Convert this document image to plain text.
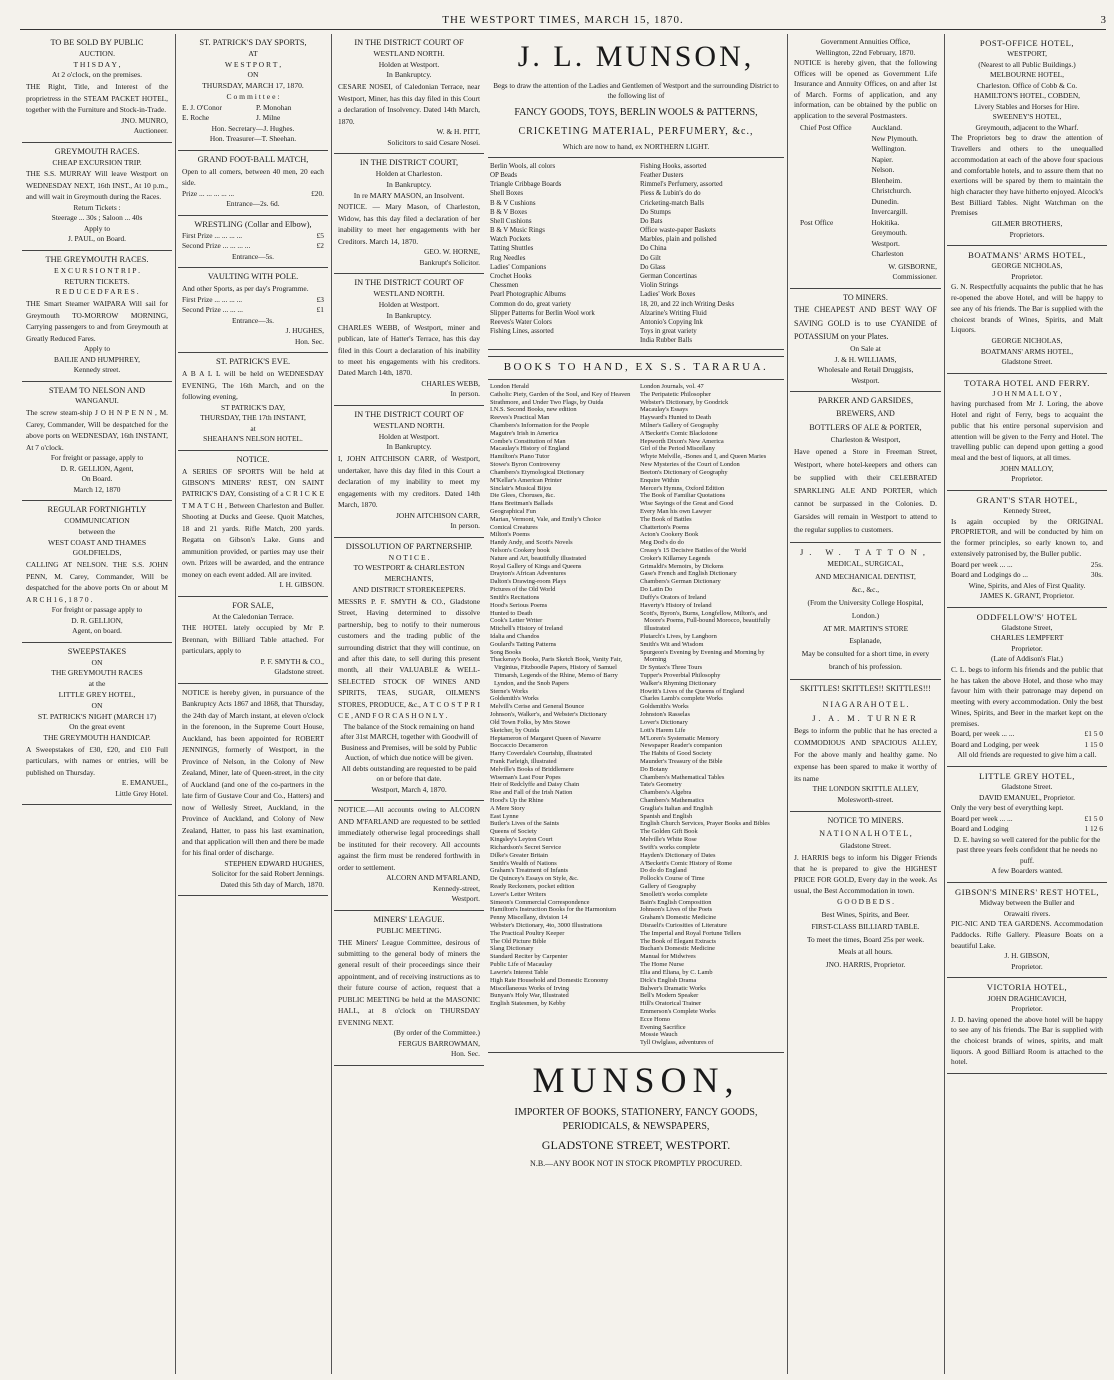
THE WESTPORT TIMES, MARCH 15, 1870.	3
TO BE SOLD BY PUBLIC
AUCTION.
T H I S D A Y ,
At 2 o'clock, on the premises.
THE Right, Title, and Interest of the proprietress in the STEAM PACKET HOTEL, together with the Furniture and Stock-in-Trade.
JNO. MUNRO,
Auctioneer.
GREYMOUTH RACES.
CHEAP EXCURSION TRIP.
THE S.S. MURRAY Will leave Westport on WEDNESDAY NEXT, 16th INST., At 10 p.m., and will wait in Greymouth during the Races.
Return Tickets :
Steerage ... 30s ; Saloon ... 40s
Apply to
J. PAUL, on Board.
THE GREYMOUTH RACES.
E X C U R S I O N T R I P .
RETURN TICKETS.
R E D U C E D F A R E S .
THE Smart Steamer WAIPARA Will sail for Greymouth TO-MORROW MORNING, Carrying passengers to and from Greymouth at Greatly Reduced Fares.
Apply to
BAILIE AND HUMPHREY,
Kennedy street.
STEAM TO NELSON AND
WANGANUI.
The screw steam-ship J O H N P E N N , M. Carey, Commander, Will be despatched for the above ports on WEDNESDAY, 16th INSTANT, At 7 o'clock.
For freight or passage, apply to
D. R. GELLION, Agent,
On Board.
March 12, 1870
REGULAR FORTNIGHTLY
COMMUNICATION
between the
WEST COAST AND THAMES
GOLDFIELDS,
CALLING AT NELSON. THE S.S. JOHN PENN, M. Carey, Commander, Will be despatched for the above ports On or about M A R C H 1 6 , 1 8 7 0 .
For freight or passage apply to
D. R. GELLION,
Agent, on board.
SWEEPSTAKES
ON
THE GREYMOUTH RACES
at the
LITTLE GREY HOTEL,
ON
ST. PATRICK'S NIGHT (MARCH 17)
On the great event
THE GREYMOUTH HANDICAP.
A Sweepstakes of £30, £20, and £10 Full particulars, with names or entries, will be published on Thursday.
E. EMANUEL,
Little Grey Hotel.
ST. PATRICK'S DAY SPORTS,
AT
W E S T P O R T ,
ON
THURSDAY, MARCH 17, 1870.
C o m m i t t e e :
E. J. O'Conor	P. Monohan
E. Roche	J. Milne
Hon. Secretary—J. Hughes.
Hon. Treasurer—T. Sheehan.
GRAND FOOT-BALL MATCH,
Open to all comers, between 40 men, 20 each side.
Prize ... ... ... ... ...	£20.
Entrance—2s. 6d.
WRESTLING (Collar and Elbow),
First Prize ... ... ... ...	£5
Second Prize ... ... ... ...	£2
Entrance—5s.
VAULTING WITH POLE.
And other Sports, as per day's Programme.
First Prize ... ... ... ...	£3
Second Prize ... ... ...	£1
Entrance—3s.
J. HUGHES,
Hon. Sec.
ST. PATRICK'S EVE.
A B A L L will be held on WEDNESDAY EVENING, The 16th March, and on the following evening,
ST PATRICK'S DAY,
THURSDAY, THE 17th INSTANT,
at
SHEAHAN'S NELSON HOTEL.
NOTICE.
A SERIES OF SPORTS Will be held at GIBSON'S MINERS' REST, ON SAINT PATRICK'S DAY, Consisting of a C R I C K E T M A T C H , Between Charleston and Buller. Shooting at Ducks and Geese. Quoit Matches, 18 and 21 yards. Rifle Match, 200 yards. Regatta on Gibson's Lake. Guns and ammunition provided, or parties may use their own. Prizes will be awarded, and the entrance money on each event added. All are invited.
I. H. GIBSON.
FOR SALE,
At the Caledonian Terrace.
THE HOTEL lately occupied by Mr P. Brennan, with Billiard Table attached. For particulars, apply to
P. F. SMYTH & CO.,
Gladstone street.
NOTICE is hereby given, in pursuance of the Bankruptcy Acts 1867 and 1868, that Thursday, the 24th day of March instant, at eleven o'clock in the forenoon, in the Supreme Court House, Auckland, has been appointed for ROBERT JENNINGS, formerly of Westport, in the Province of Nelson, in the Colony of New Zealand, Miner, late of Queen-street, in the city of Auckland (and one of the co-partners in the late firm of Gustave Cour and Co., Hatters) and now of Wellesly Street, Auckland, in the Province of Auckland, and Colony of New Zealand, Hatter, to pass his last examination, and that application will then and there be made for his final order of discharge.
STEPHEN EDWARD HUGHES,
Solicitor for the said Robert Jennings.
Dated this 5th day of March, 1870.
IN THE DISTRICT COURT OF
WESTLAND NORTH.
Holden at Westport.
In Bankruptcy.
CESARE NOSEI, of Caledonian Terrace, near Westport, Miner, has this day filed in this Court a declaration of Insolvency. Dated 14th March, 1870.
W. & H. PITT,
Solicitors to said Cesare Nosei.
IN THE DISTRICT COURT,
Holden at Charleston.
In Bankruptcy.
In re MARY MASON, an Insolvent.
NOTICE. — Mary Mason, of Charleston, Widow, has this day filed a declaration of her inability to meet her engagements with her Creditors. March 14, 1870.
GEO. W. HORNE,
Bankrupt's Solicitor.
IN THE DISTRICT COURT OF
WESTLAND NORTH.
Holden at Westport.
In Bankruptcy.
CHARLES WEBB, of Westport, miner and publican, late of Hatter's Terrace, has this day filed in this Court a declaration of his inability to meet his engagements with his creditors. Dated March 14th, 1870.
CHARLES WEBB,
In person.
IN THE DISTRICT COURT OF
WESTLAND NORTH.
Holden at Westport.
In Bankruptcy.
I, JOHN AITCHISON CARR, of Westport, undertaker, have this day filed in this Court a declaration of my inability to meet my engagements with my creditors. Dated 14th March, 1870.
JOHN AITCHISON CARR,
In person.
DISSOLUTION OF PARTNERSHIP.
N O T I C E .
TO WESTPORT & CHARLESTON
MERCHANTS,
AND DISTRICT STOREKEEPERS.
MESSRS P. F. SMYTH & CO., Gladstone Street, Having determined to dissolve partnership, beg to notify to their numerous customers and the trading public of the surrounding district that they will continue, on and after this date, to sell during this present month, all their VALUABLE & WELL-SELECTED STOCK OF WINES AND SPIRITS, TEAS, SUGAR, OILMEN'S STORES, PRODUCE, &c., A T C O S T P R I C E , AND F O R C A S H O N L Y .
The balance of the Stock remaining on hand after 31st MARCH, together with Goodwill of Business and Premises, will be sold by Public Auction, of which due notice will be given.
All debts outstanding are requested to be paid on or before that date.
Westport, March 4, 1870.
NOTICE.—All accounts owing to ALCORN AND M'FARLAND are requested to be settled immediately otherwise legal proceedings shall be instituted for their recovery. All accounts against the firm must be rendered forthwith in order to settlement.
ALCORN AND M'FARLAND,
Kennedy-street,
Westport.
MINERS' LEAGUE.
PUBLIC MEETING.
THE Miners' League Committee, desirous of submitting to the general body of miners the general result of their proceedings since their appointment, and of receiving instructions as to their future course of action, request that a PUBLIC MEETING be held at the MASONIC HALL, at 8 o'clock on THURSDAY EVENING NEXT.
(By order of the Committee.)
FERGUS BARROWMAN,
Hon. Sec.
J. L. MUNSON,
Begs to draw the attention of the Ladies and Gentlemen of Westport and the surrounding District to the following list of
FANCY GOODS, TOYS, BERLIN WOOLS & PATTERNS,
CRICKETING MATERIAL, PERFUMERY, &c.,
Which are now to hand, ex NORTHERN LIGHT.
Berlin Wools, all colors
OP Beads
Triangle Cribbage Boards
Shell Boxes
B & V Cushions
B & V Boxes
Shell Cushions
B & V Music Rings
Watch Pockets
Tatting Shuttles
Rug Needles
Ladies' Companions
Crochet Hooks
Chessmen
Pearl Photographic Albums
Common do do, great variety
Slipper Patterns for Berlin Wool work
Reeves's Water Colors
Fishing Lines, assorted
Fishing Hooks, assorted
Feather Dusters
Rimmel's Perfumery, assorted
Piess & Lubin's do do
Cricketing-match Balls
Do Stumps
Do Bats
Office waste-paper Baskets
Marbles, plain and polished
Do China
Do Gilt
Do Glass
German Concertinas
Violin Strings
Ladies' Work Boxes
18, 20, and 22 inch Writing Desks
Alzarine's Writing Fluid
Antonio's Copying Ink
Toys in great variety
India Rubber Balls
BOOKS TO HAND, EX S.S. TARARUA.
London Herald
Catholic Piety, Garden of the Soul, and Key of Heaven
Strathmore, and Under Two Flags, by Ouida
I.N.S. Second Books, new edition
Reeves's Practical Man
Chambers's Information for the People
Maguire's Irish in America
Combe's Constitution of Man
Macaulay's History of England
Hamilton's Piano Tutor
Stowe's Byron Controversy
Chambers's Etymological Dictionary
M'Kellar's American Printer
Sinclair's Musical Bijou
Die Glees, Choruses, &c.
Hans Breitman's Ballads
Geographical Fun
Marian, Vermont, Vale, and Emily's Choice
Comical Creatures
Milton's Poems
Handy Andy, and Scott's Novels
Nelson's Cookery book
Nature and Art, beautifully illustrated
Royal Gallery of Kings and Queens
Drayton's African Adventures
Dalton's Drawing-room Plays
Pictures of the Old World
Smith's Recitations
Hood's Serious Poems
Hunted to Death
Cook's Letter Writer
Mitchell's History of Ireland
Idalia and Chandos
Goulard's Tatting Patterns
Song Books
Thackeray's Books, Paris Sketch Book, Vanity Fair, Virginius, Fitzboodle Papers, History of Samuel Titmarsh, Legends of the Rhine, Memo of Barry Lyndon, and the Snob Papers
Sterne's Works
Goldsmith's Works
Melvill's Cerise and General Bounce
Johnson's, Walker's, and Webster's Dictionary
Old Town Folks, by Mrs Stowe
Sketcher, by Ouida
Heptameron of Margaret Queen of Navarre
Boccaccio Decameron
Harry Coverdale's Courtship, illustrated
Frank Farleigh, illustrated
Melville's Books of Briddlemere
Wiseman's Last Four Popes
Heir of Redclyffe and Daisy Chain
Rise and Fall of the Irish Nation
Hood's Up the Rhine
A Mere Story
East Lynne
Butler's Lives of the Saints
Queens of Society
Kingsley's Leyton Court
Richardson's Secret Service
Dilke's Greater Britain
Smith's Wealth of Nations
Graham's Treatment of Infants
De Quincey's Essays on Style, &c.
Ready Reckoners, pocket edition
Lover's Letter Writers
Simeon's Commercial Correspondence
Hamilton's Instruction Books for the Harmonium
Penny Miscellany, division 14
Webster's Dictionary, 4to, 3000 Illustrations
The Practical Poultry Keeper
The Old Picture Bible
Slang Dictionary
Standard Reciter by Carpenter
Public Life of Macaulay
Lawrie's Interest Table
High Rate Household and Domestic Economy
Miscellaneous Works of Irving
Bunyan's Holy War, Illustrated
English Statesmen, by Kebby
London Journals, vol. 47
The Peripatetic Philosopher
Webster's Dictionary, by Goodrick
Macaulay's Essays
Hayward's Hunted to Death
Milner's Gallery of Geography
A'Beckett's Comic Blackstone
Hepworth Dixon's New America
Girl of the Period Miscellany
Whyte Melville, -Bones and I, and Queen Maries
New Mysteries of the Court of London
Beeton's Dictionary of Geography
Enquire Within
Mercer's Hymns, Oxford Edition
The Book of Familiar Quotations
Wise Sayings of the Great and Good
Every Man his own Lawyer
The Book of Battles
Chatterton's Poems
Acton's Cookery Book
Meg Dod's do do
Creasy's 15 Decisive Battles of the World
Croker's Killarney Legends
Grimaldi's Memoirs, by Dickens
Gase's French and English Dictionary
Chambers's German Dictionary
Do Latin Do
Duffy's Orators of Ireland
Haverty's History of Ireland
Scott's, Byron's, Burns, Longfellow, Milton's, and Moore's Poems, Full-bound Morocco, beautifully Illustrated
Plutarch's Lives, by Langhorn
Smith's Wit and Wisdom
Spurgeon's Evening by Evening and Morning by Morning
Dr Syntax's Three Tours
Tupper's Proverbial Philosophy
Walker's Rhyming Dictionary
Howitt's Lives of the Queens of England
Charles Lamb's complete Works
Goldsmith's Works
Johnston's Rasselas
Lover's Dictionary
Lott's Harem Life
M'Loren's Systematic Memory
Newspaper Reader's companion
The Habits of Good Society
Maunder's Treasury of the Bible
Do Botany
Chambers's Mathematical Tables
Tate's Geometry
Chambers's Algebra
Chambers's Mathematics
Graglia's Italian and English
Spanish and English
English Church Services, Prayer Books and Bibles
The Golden Gift Book
Melville's White Rose
Swift's works complete
Hayden's Dictionary of Dates
A'Beckett's Comic History of Rome
Do do do England
Pollock's Course of Time
Gallery of Geography
Smollett's works complete
Bain's English Composition
Johnson's Lives of the Poets
Graham's Domestic Medicine
Disraeli's Curiosities of Literature
The Imperial and Royal Fortune Tellers
The Book of Elegant Extracts
Buchan's Domestic Medicine
Manual for Midwives
The Home Nurse
Elia and Eliana, by C. Lamb
Dick's English Drama
Bulwer's Dramatic Works
Bell's Modern Speaker
Hill's Oratorical Trainer
Emmerson's Complete Works
Ecce Homo
Evening Sacrifice
Mossie Wauch
Tyll Owlglass, adventures of
MUNSON,
IMPORTER OF BOOKS, STATIONERY, FANCY GOODS,
PERIODICALS, & NEWSPAPERS,
GLADSTONE STREET, WESTPORT.
N.B.—ANY BOOK NOT IN STOCK PROMPTLY PROCURED.
Government Annuities Office,
Wellington, 22nd February, 1870.
NOTICE is hereby given, that the following Offices will be opened as Government Life Insurance and Annuity Offices, on and after 1st of March. Forms of application, and any information, can be obtained by the public on application to the several Postmasters.
Chief Post Office	Auckland.
New Plymouth.
Wellington.
Napier.
Nelson.
Blenheim.
Christchurch.
Dunedin.
Invercargill.
Post Office	Hokitika.
Greymouth.
Westport.
Charleston
W. GISBORNE,
Commissioner.
TO MINERS.
THE CHEAPEST AND BEST WAY OF SAVING GOLD is to use CYANIDE of POTASSIUM on your Plates.
On Sale at
J. & H. WILLIAMS,
Wholesale and Retail Druggists,
Westport.
PARKER AND GARSIDES,
BREWERS, AND
BOTTLERS OF ALE & PORTER,
Charleston & Westport,
Have opened a Store in Freeman Street, Westport, where hotel-keepers and others can be supplied with their CELEBRATED SPARKLING ALE AND PORTER, which cannot be surpassed in the Colonies. D. Garsides will remain in Westport to attend to the regular supplies to customers.
J. W. TATTON,
MEDICAL, SURGICAL,
AND MECHANICAL DENTIST,
&c., &c.,
(From the University College Hospital, London.)
AT MR. MARTIN'S STORE
Esplanade,
May be consulted for a short time, in every branch of his profession.
SKITTLES! SKITTLES!! SKITTLES!!!
N I A G A R A H O T E L .
J. A. M. TURNER
Begs to inform the public that he has erected a COMMODIOUS AND SPACIOUS ALLEY, For the above manly and healthy game. No expense has been spared to make it worthy of its name
THE LONDON SKITTLE ALLEY,
Molesworth-street.
NOTICE TO MINERS.
N A T I O N A L H O T E L ,
Gladstone Street.
J. HARRIS begs to inform his Digger Friends that he is prepared to give the HIGHEST PRICE FOR GOLD, Every day in the week. As usual, the Best Accommodation in town.
G O O D B E D S .
Best Wines, Spirits, and Beer.
FIRST-CLASS BILLIARD TABLE.
To meet the times, Board 25s per week.
Meals at all hours.
JNO. HARRIS, Proprietor.
POST-OFFICE HOTEL,
WESTPORT,
(Nearest to all Public Buildings.)
MELBOURNE HOTEL,
Charleston. Office of Cobb & Co.
HAMILTON'S HOTEL, COBDEN,
Livery Stables and Horses for Hire.
SWEENEY'S HOTEL,
Greymouth, adjacent to the Wharf.
The Proprietors beg to draw the attention of Travellers and others to the unequalled accommodation at each of the above four spacious and comfortable hotels, and to assure them that no exertions will be spared by them to maintain the high character they have hitherto enjoyed. Alcock's Best Billiard Tables. Night Watchman on the Premises
GILMER BROTHERS,
Proprietors.
BOATMANS' ARMS HOTEL,
GEORGE NICHOLAS,
Proprietor.
G. N. Respectfully acquaints the public that he has re-opened the above Hotel, and will be happy to see any of his friends. The Bar is supplied with the choicest brands of Wines, Spirits, and Malt Liquors.
GEORGE NICHOLAS,
BOATMANS' ARMS HOTEL,
Gladstone Street.
TOTARA HOTEL AND FERRY.
J O H N M A L L O Y ,
having purchased from Mr J. Loring, the above Hotel and right of Ferry, begs to acquaint the public that his entire personal supervision and attention will be given to the Ferry and Hotel. The travelling public can depend upon getting a good meal and the best of liquors, at all times.
JOHN MALLOY,
Proprietor.
GRANT'S STAR HOTEL,
Kennedy Street,
Is again occupied by the ORIGINAL PROPRIETOR, and will be conducted by him on the former principles, so early known to, and extensively patronised by, the Buller public.
Board per week ... ...	25s.
Board and Lodgings do ...	30s.
Wine, Spirits, and Ales of First Quality.
JAMES K. GRANT, Proprietor.
ODDFELLOW'S' HOTEL
Gladstone Street,
CHARLES LEMPFERT
Proprietor.
(Late of Addison's Flat.)
C. L. begs to inform his friends and the public that he has taken the above Hotel, and those who may favour him with their patronage may depend on meeting with every accommodation. Only the best Wines, Spirits, and Beer in the market kept on the premises.
Board, per week ... ...	£1 5 0
Board and Lodging, per week	1 15 0
All old friends are requested to give him a call.
LITTLE GREY HOTEL,
Gladstone Street.
DAVID EMANUEL, Proprietor.
Only the very best of everything kept.
Board per week ... ...	£1 5 0
Board and Lodging	1 12 6
D. E. having so well catered for the public for the past three years feels confident that he needs no puff.
A few Boarders wanted.
GIBSON'S MINERS' REST HOTEL,
Midway between the Buller and
Orawaiti rivers.
PIC-NIC AND TEA GARDENS. Accommodation Paddocks. Rifle Gallery. Pleasure Boats on a beautiful Lake.
J. H. GIBSON,
Proprietor.
VICTORIA HOTEL,
JOHN DRAGHICAVICH,
Proprietor.
J. D. having opened the above hotel will be happy to see any of his friends. The Bar is supplied with the choicest brands of wines, spirits, and malt liquors. A good Billiard Room is attached to the hotel.
